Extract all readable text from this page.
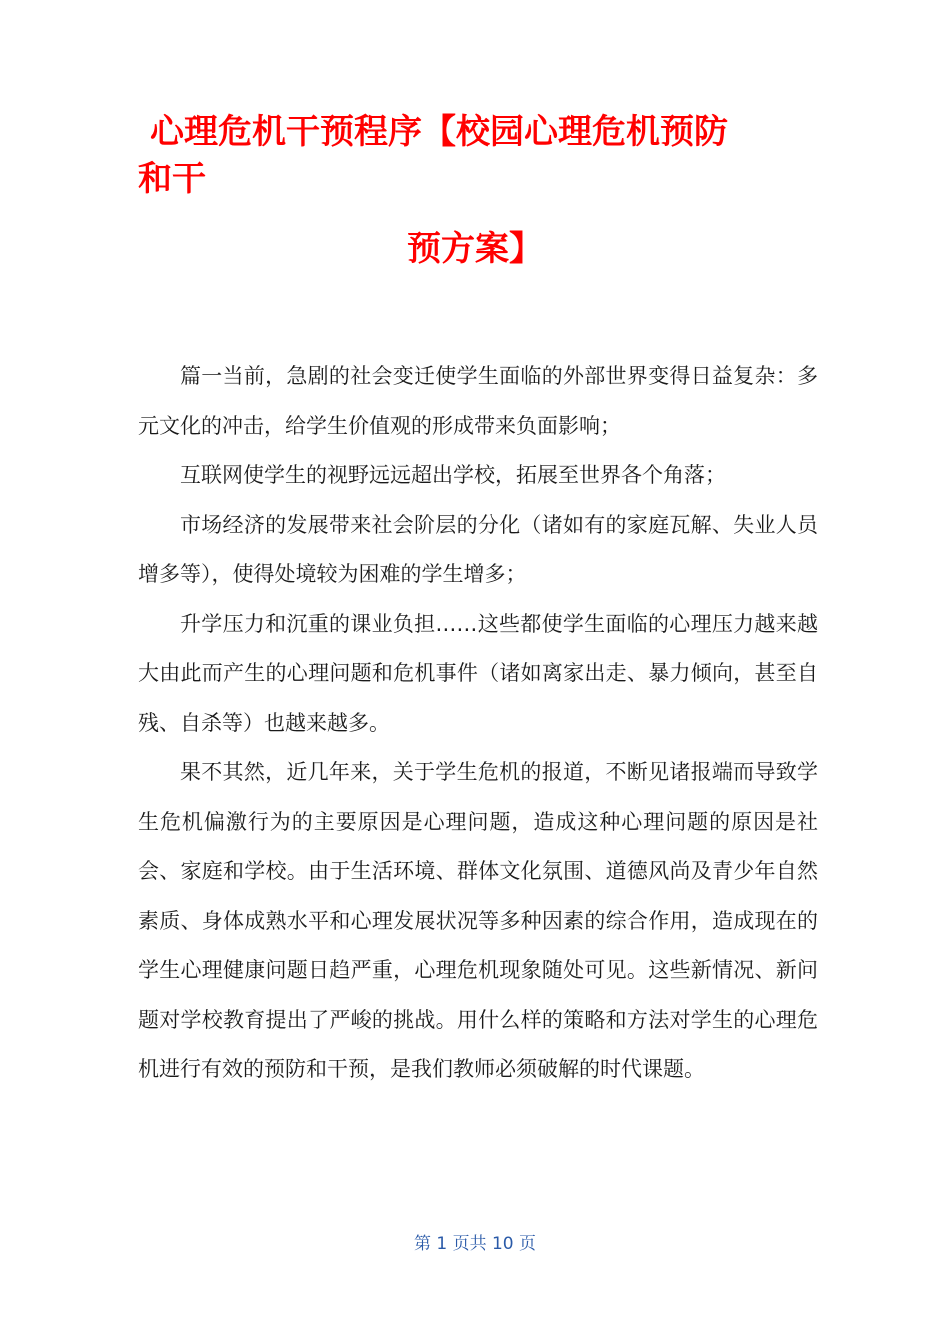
心理危机干预程序【校园心理危机预防
和干
预方案】

篇一当前，急剧的社会变迁使学生面临的外部世界变得日益复杂：多元文化的冲击，给学生价值观的形成带来负面影响；

互联网使学生的视野远远超出学校，拓展至世界各个角落；

市场经济的发展带来社会阶层的分化（诸如有的家庭瓦解、失业人员增多等），使得处境较为困难的学生增多；

升学压力和沉重的课业负担……这些都使学生面临的心理压力越来越大由此而产生的心理问题和危机事件（诸如离家出走、暴力倾向，甚至自残、自杀等）也越来越多。

果不其然，近几年来，关于学生危机的报道，不断见诸报端而导致学生危机偏激行为的主要原因是心理问题，造成这种心理问题的原因是社会、家庭和学校。由于生活环境、群体文化氛围、道德风尚及青少年自然素质、身体成熟水平和心理发展状况等多种因素的综合作用，造成现在的学生心理健康问题日趋严重，心理危机现象随处可见。这些新情况、新问题对学校教育提出了严峻的挑战。用什么样的策略和方法对学生的心理危机进行有效的预防和干预，是我们教师必须破解的时代课题。

第 1 页共 10 页
